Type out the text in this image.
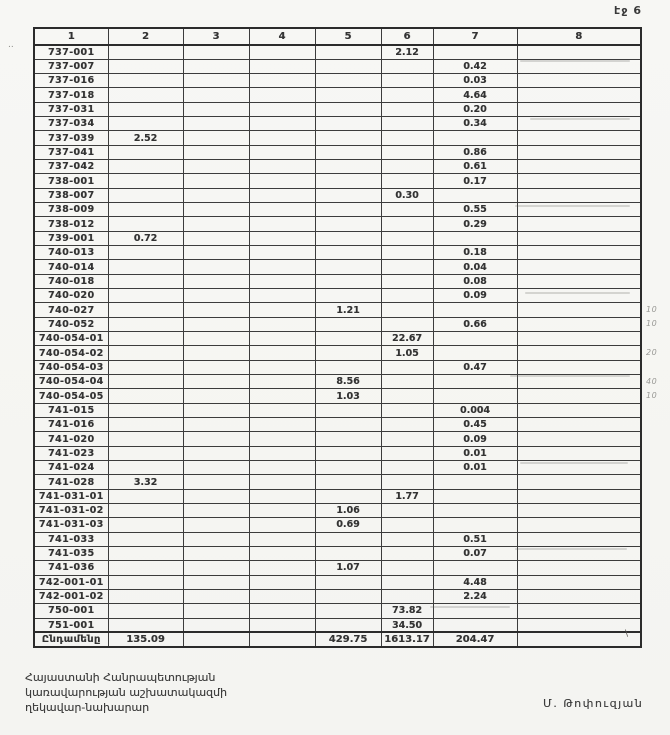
էջ 6
..
1	2	3	4	5	6	7	8
737-001					2.12		
737-007						0.42	
737-016						0.03	
737-018						4.64	
737-031						0.20	
737-034						0.34	
737-039	2.52						
737-041						0.86	
737-042						0.61	
738-001						0.17	
738-007					0.30		
738-009						0.55	
738-012						0.29	
739-001	0.72						
740-013						0.18	
740-014						0.04	
740-018						0.08	
740-020						0.09	
740-027				1.21			
740-052						0.66	
740-054-01					22.67		
740-054-02					1.05		
740-054-03						0.47	
740-054-04				8.56			
740-054-05				1.03			
741-015						0.004	
741-016						0.45	
741-020						0.09	
741-023						0.01	
741-024						0.01	
741-028	3.32						
741-031-01					1.77		
741-031-02				1.06			
741-031-03				0.69			
741-033						0.51	
741-035						0.07	
741-036				1.07			
742-001-01						4.48	
742-001-02						2.24	
750-001					73.82		
751-001					34.50		
Ընդամենը	135.09			429.75	1613.17	204.47	
\
Հայաստանի Հանրապետության
կառավարության աշխատակազմի
ղեկավար-նախարար	Մ. Թոփուզյան
10
10
20
40
10
